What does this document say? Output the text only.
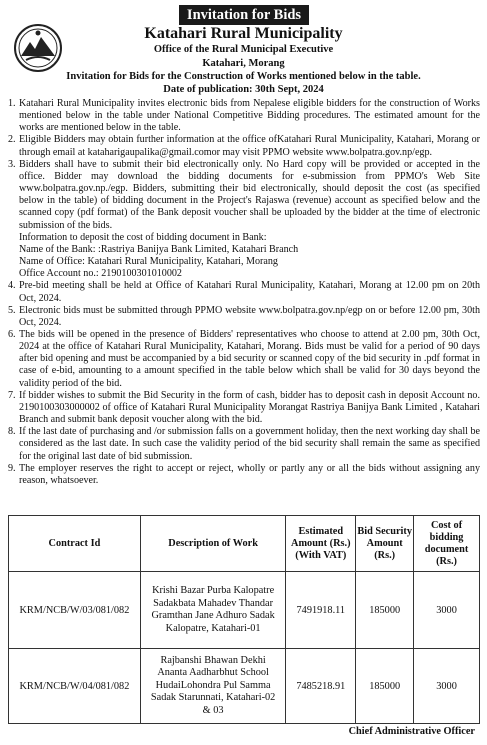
Invitation for Bids
Katahari Rural Municipality
Office of the Rural Municipal Executive
Katahari, Morang
Invitation for Bids for the Construction of Works mentioned below in the table.
Date of publication: 30th Sept, 2024
1. Katahari Rural Municipality invites electronic bids from Nepalese eligible bidders for the construction of Works mentioned below in the table under National Competitive Bidding procedures. The estimated amount for the works are mentioned below in the table.
2. Eligible Bidders may obtain further information at the office ofKatahari Rural Municipality, Katahari, Morang or through email at kataharigaupalika@gmail.comor may visit PPMO website www.bolpatra.gov.np/egp.
3. Bidders shall have to submit their bid electronically only. No Hard copy will be provided or accepted in the office. Bidder may download the bidding documents for e-submission from PPMO's Web Site www.bolpatra.gov.np./egp. Bidders, submitting their bid electronically, should deposit the cost (as specified below in the table) of bidding document in the Project's Rajaswa (revenue) account as specified below and the scanned copy (pdf format) of the Bank deposit voucher shall be uploaded by the bidder at the time of electronic submission of the bids.
Information to deposit the cost of bidding document in Bank:
Name of the Bank: :Rastriya Banijya Bank Limited, Katahari Branch
Name of Office: Katahari Rural Municipality, Katahari, Morang
Office Account no.: 2190100301010002
4. Pre-bid meeting shall be held at Office of Katahari Rural Municipality, Katahari, Morang at 12.00 pm on 20th Oct, 2024.
5. Electronic bids must be submitted through PPMO website www.bolpatra.gov.np/egp on or before 12.00 pm, 30th Oct, 2024.
6. The bids will be opened in the presence of Bidders' representatives who choose to attend at 2.00 pm, 30th Oct, 2024 at the office of Katahari Rural Municipality, Katahari, Morang. Bids must be valid for a period of 90 days after bid opening and must be accompanied by a bid security or scanned copy of the bid security in .pdf format in case of e-bid, amounting to a amount specified in the table below which shall be valid for 30 days beyond the validity period of the bid.
7. If bidder wishes to submit the Bid Security in the form of cash, bidder has to deposit cash in deposit Account no. 2190100303000002 of office of Katahari Rural Municipality Morangat Rastriya Banijya Bank Limited , Katahari Branch and submit bank deposit voucher along with the bid.
8. If the last date of purchasing and /or submission falls on a government holiday, then the next working day shall be considered as the last date. In such case the validity period of the bid security shall remain the same as specified for the original last date of bid submission.
9. The employer reserves the right to accept or reject, wholly or partly any or all the bids without assigning any reason, whatsoever.
Contract Id	Description of Work	Estimated Amount (Rs.) (With VAT)	Bid Security Amount (Rs.)	Cost of bidding document (Rs.)
KRM/NCB/W/03/081/082	Krishi Bazar Purba Kalopatre Sadakbata Mahadev Thandar Gramthan Jane Adhuro Sadak Kalopatre, Katahari-01	7491918.11	185000	3000
KRM/NCB/W/04/081/082	Rajbanshi Bhawan Dekhi Ananta Aadharbhut School HudaiLohondra Pul Samma Sadak Starunnati, Katahari-02 & 03	7485218.91	185000	3000
Chief Administrative Officer
